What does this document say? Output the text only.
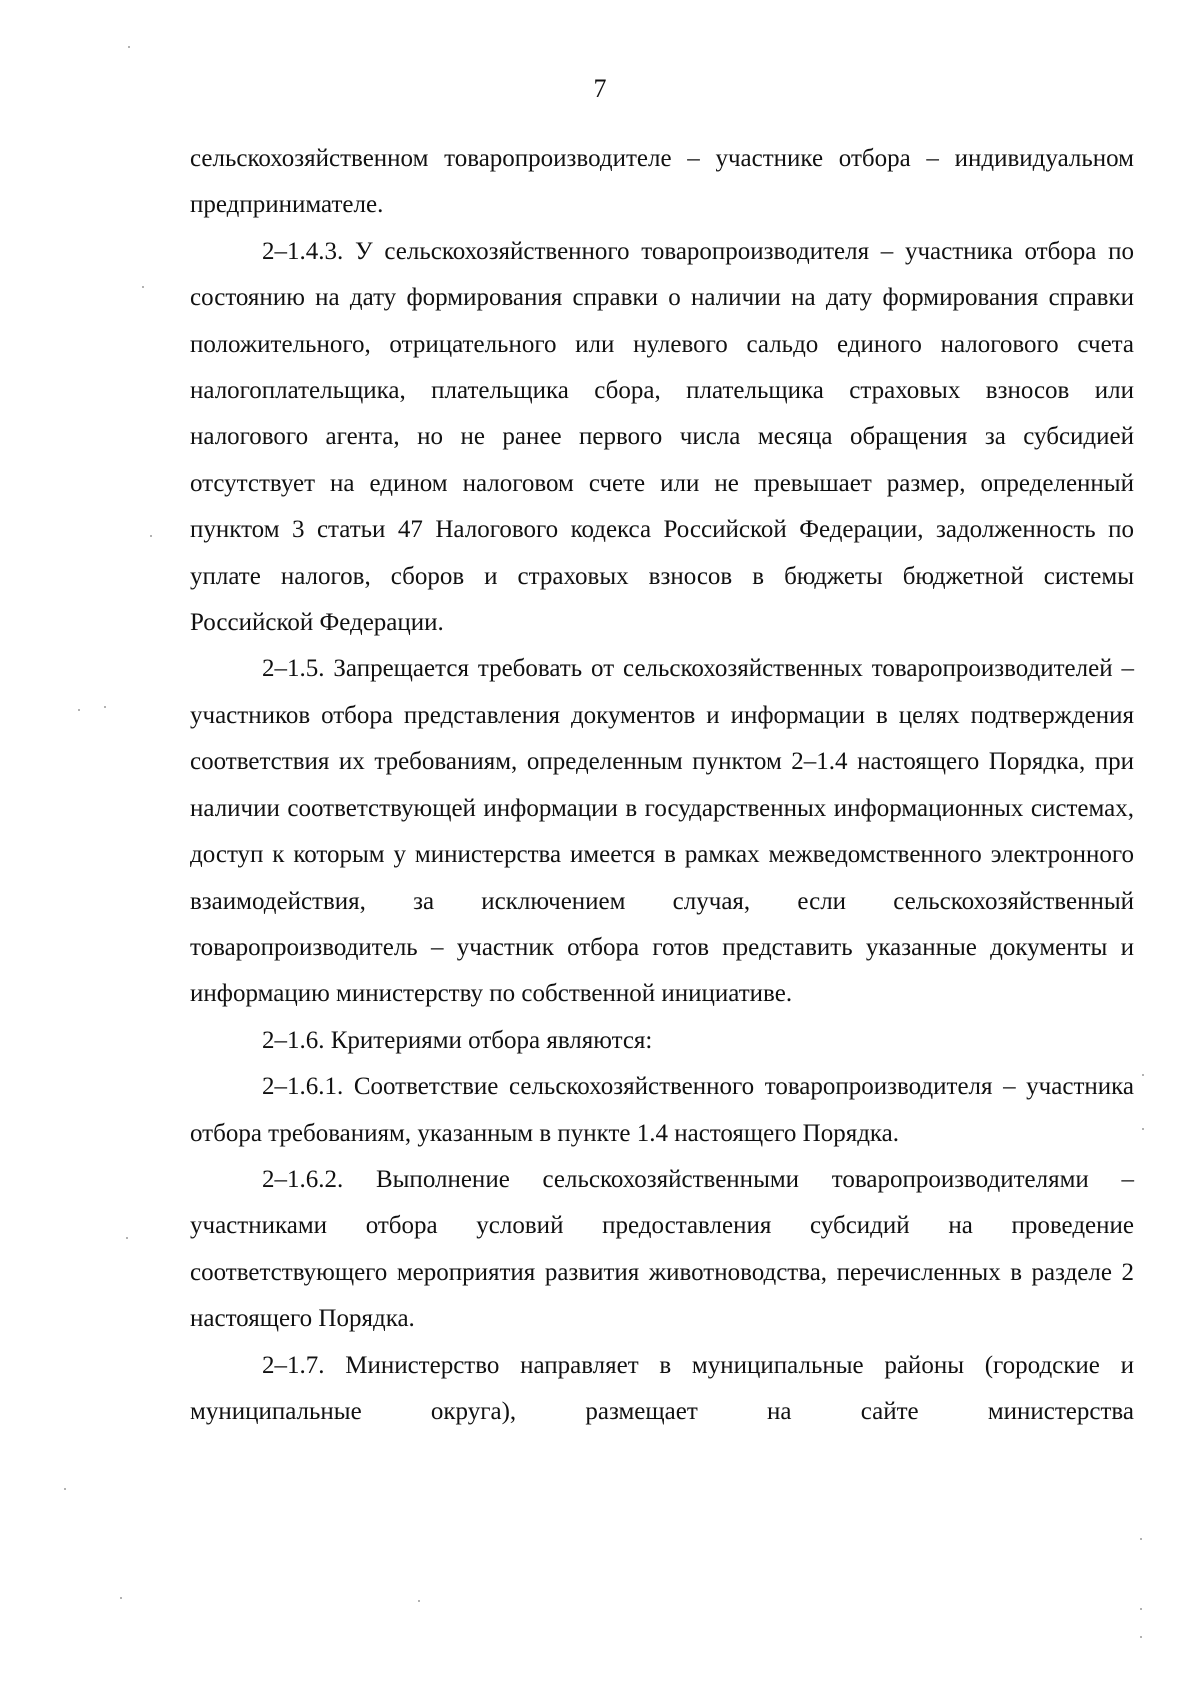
7

сельскохозяйственном товаропроизводителе – участнике отбора – индивидуальном предпринимателе.

2–1.4.3. У сельскохозяйственного товаропроизводителя – участника отбора по состоянию на дату формирования справки о наличии на дату формирования справки положительного, отрицательного или нулевого сальдо единого налогового счета налогоплательщика, плательщика сбора, плательщика страховых взносов или налогового агента, но не ранее первого числа месяца обращения за субсидией отсутствует на едином налоговом счете или не превышает размер, определенный пунктом 3 статьи 47 Налогового кодекса Российской Федерации, задолженность по уплате налогов, сборов и страховых взносов в бюджеты бюджетной системы Российской Федерации.

2–1.5. Запрещается требовать от сельскохозяйственных товаропроизводителей – участников отбора представления документов и информации в целях подтверждения соответствия их требованиям, определенным пунктом 2–1.4 настоящего Порядка, при наличии соответствующей информации в государственных информационных системах, доступ к которым у министерства имеется в рамках межведомственного электронного взаимодействия, за исключением случая, если сельскохозяйственный товаропроизводитель – участник отбора готов представить указанные документы и информацию министерству по собственной инициативе.

2–1.6. Критериями отбора являются:

2–1.6.1. Соответствие сельскохозяйственного товаропроизводителя – участника отбора требованиям, указанным в пункте 1.4 настоящего Порядка.

2–1.6.2. Выполнение сельскохозяйственными товаропроизводителями – участниками отбора условий предоставления субсидий на проведение соответствующего мероприятия развития животноводства, перечисленных в разделе 2 настоящего Порядка.

2–1.7. Министерство направляет в муниципальные районы (городские и муниципальные округа), размещает на сайте министерства
